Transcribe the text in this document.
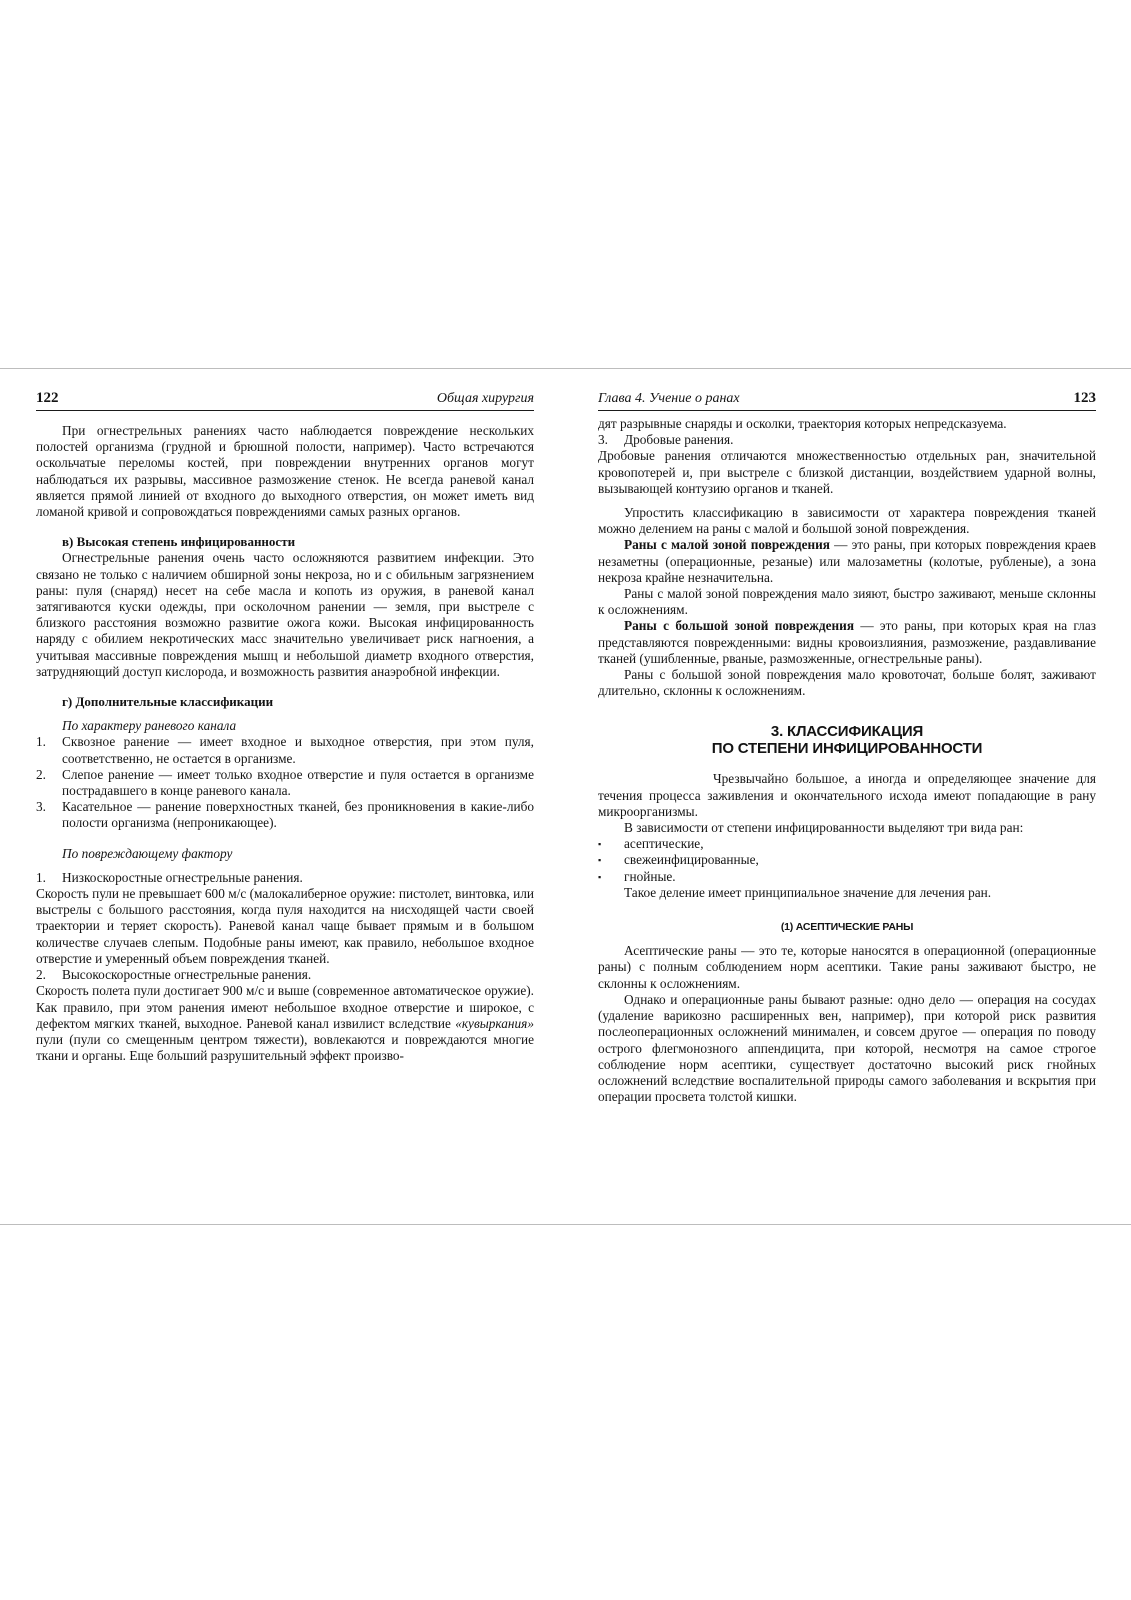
122	Общая хирургия

При огнестрельных ранениях часто наблюдается повреждение нескольких полостей организма (грудной и брюшной полости, например). Часто встречаются оскольчатые переломы костей, при повреждении внутренних органов могут наблюдаться их разрывы, массивное размозжение стенок. Не всегда раневой канал является прямой линией от входного до выходного отверстия, он может иметь вид ломаной кривой и сопровождаться повреждениями самых разных органов.

в) Высокая степень инфицированности

Огнестрельные ранения очень часто осложняются развитием инфекции. Это связано не только с наличием обширной зоны некроза, но и с обильным загрязнением раны: пуля (снаряд) несет на себе масла и копоть из оружия, в раневой канал затягиваются куски одежды, при осколочном ранении — земля, при выстреле с близкого расстояния возможно развитие ожога кожи. Высокая инфицированность наряду с обилием некротических масс значительно увеличивает риск нагноения, а учитывая массивные повреждения мышц и небольшой диаметр входного отверстия, затрудняющий доступ кислорода, и возможность развития анаэробной инфекции.

г) Дополнительные классификации

По характеру раневого канала

1.	Сквозное ранение — имеет входное и выходное отверстия, при этом пуля, соответственно, не остается в организме.
2.	Слепое ранение — имеет только входное отверстие и пуля остается в организме пострадавшего в конце раневого канала.
3.	Касательное — ранение поверхностных тканей, без проникновения в какие-либо полости организма (непроникающее).

По повреждающему фактору

1.	Низкоскоростные огнестрельные ранения.

Скорость пули не превышает 600 м/с (малокалиберное оружие: пистолет, винтовка, или выстрелы с большого расстояния, когда пуля находится на нисходящей части своей траектории и теряет скорость). Раневой канал чаще бывает прямым и в большом количестве случаев слепым. Подобные раны имеют, как правило, небольшое входное отверстие и умеренный объем повреждения тканей.

2.	Высокоскоростные огнестрельные ранения.

Скорость полета пули достигает 900 м/с и выше (современное автоматическое оружие). Как правило, при этом ранения имеют небольшое входное отверстие и широкое, с дефектом мягких тканей, выходное. Раневой канал извилист вследствие «кувыркания» пули (пули со смещенным центром тяжести), вовлекаются и повреждаются многие ткани и органы. Еще больший разрушительный эффект произво-

Глава 4. Учение о ранах	123

дят разрывные снаряды и осколки, траектория которых непредсказуема.

3.	Дробовые ранения.

Дробовые ранения отличаются множественностью отдельных ран, значительной кровопотерей и, при выстреле с близкой дистанции, воздействием ударной волны, вызывающей контузию органов и тканей.

Упростить классификацию в зависимости от характера повреждения тканей можно делением на раны с малой и большой зоной повреждения.

Раны с малой зоной повреждения — это раны, при которых повреждения краев незаметны (операционные, резаные) или малозаметны (колотые, рубленые), а зона некроза крайне незначительна.

Раны с малой зоной повреждения мало зияют, быстро заживают, меньше склонны к осложнениям.

Раны с большой зоной повреждения — это раны, при которых края на глаз представляются поврежденными: видны кровоизлияния, размозжение, раздавливание тканей (ушибленные, рваные, размозженные, огнестрельные раны).

Раны с большой зоной повреждения мало кровоточат, больше болят, заживают длительно, склонны к осложнениям.

3. КЛАССИФИКАЦИЯ
ПО СТЕПЕНИ ИНФИЦИРОВАННОСТИ

Чрезвычайно большое, а иногда и определяющее значение для течения процесса заживления и окончательного исхода имеют попадающие в рану микроорганизмы.

В зависимости от степени инфицированности выделяют три вида ран:

▪	асептические,
▪	свежеинфицированные,
▪	гнойные.

Такое деление имеет принципиальное значение для лечения ран.

(1) АСЕПТИЧЕСКИЕ РАНЫ

Асептические раны — это те, которые наносятся в операционной (операционные раны) с полным соблюдением норм асептики. Такие раны заживают быстро, не склонны к осложнениям.

Однако и операционные раны бывают разные: одно дело — операция на сосудах (удаление варикозно расширенных вен, например), при которой риск развития послеоперационных осложнений минимален, и совсем другое — операция по поводу острого флегмонозного аппендицита, при которой, несмотря на самое строгое соблюдение норм асептики, существует достаточно высокий риск гнойных осложнений вследствие воспалительной природы самого заболевания и вскрытия при операции просвета толстой кишки.
